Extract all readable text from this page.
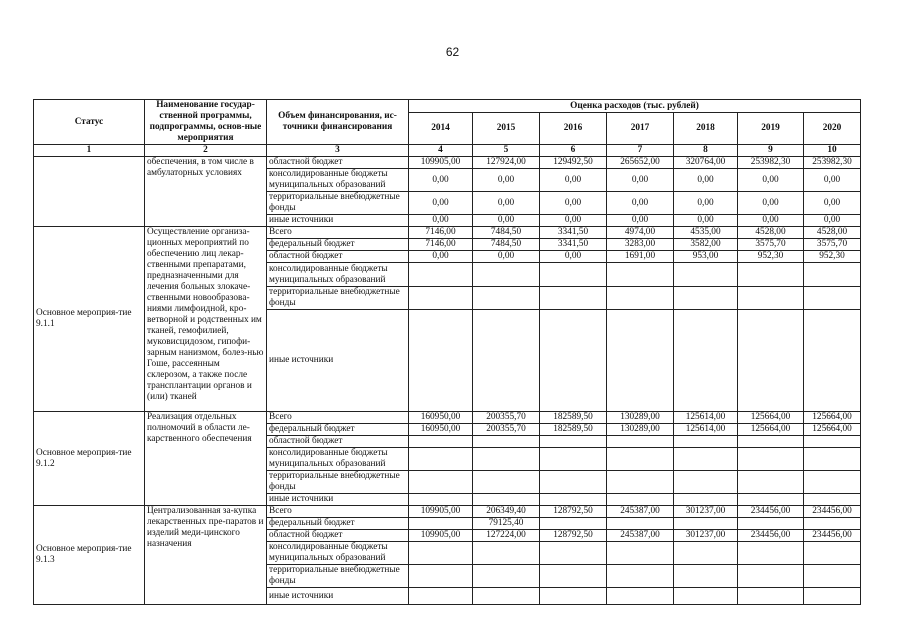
62
Статус	Наименование государ-ственной программы, подпрограммы, основ-ные мероприятия	Объем финансирования, ис-точники финансирования	Оценка расходов (тыс. рублей)						
			2014	2015	2016	2017	2018	2019	2020
1	2	3	4	5	6	7	8	9	10
	обеспечения, в том числе в амбулаторных условиях	областной бюджет	109905,00	127924,00	129492,50	265652,00	320764,00	253982,30	253982,30
		консолидированные бюджеты муниципальных образований	0,00	0,00	0,00	0,00	0,00	0,00	0,00
		территориальные внебюджетные фонды	0,00	0,00	0,00	0,00	0,00	0,00	0,00
		иные источники	0,00	0,00	0,00	0,00	0,00	0,00	0,00
Основное мероприя-тие 9.1.1	Осуществление организа-ционных мероприятий по обеспечению лиц лекар-ственными препаратами, предназначенными для лечения больных злокаче-ственными новообразова-ниями лимфоидной, кро-ветворной и родственных им тканей, гемофилией, муковисцидозом, гипофи-зарным нанизмом, болез-нью Гоше, рассеянным склерозом, а также после трансплантации органов и (или) тканей	Всего	7146,00	7484,50	3341,50	4974,00	4535,00	4528,00	4528,00
		федеральный бюджет	7146,00	7484,50	3341,50	3283,00	3582,00	3575,70	3575,70
		областной бюджет	0,00	0,00	0,00	1691,00	953,00	952,30	952,30
		консолидированные бюджеты муниципальных образований							
		территориальные внебюджетные фонды							
		иные источники							
Основное мероприя-тие 9.1.2	Реализация отдельных полномочий в области ле-карственного обеспечения	Всего	160950,00	200355,70	182589,50	130289,00	125614,00	125664,00	125664,00
		федеральный бюджет	160950,00	200355,70	182589,50	130289,00	125614,00	125664,00	125664,00
		областной бюджет							
		консолидированные бюджеты муниципальных образований							
		территориальные внебюджетные фонды							
		иные источники							
Основное мероприя-тие 9.1.3	Централизованная за-купка лекарственных пре-паратов и изделий меди-цинского назначения	Всего	109905,00	206349,40	128792,50	245387,00	301237,00	234456,00	234456,00
		федеральный бюджет		79125,40					
		областной бюджет	109905,00	127224,00	128792,50	245387,00	301237,00	234456,00	234456,00
		консолидированные бюджеты муниципальных образований							
		территориальные внебюджетные фонды							
		иные источники							
